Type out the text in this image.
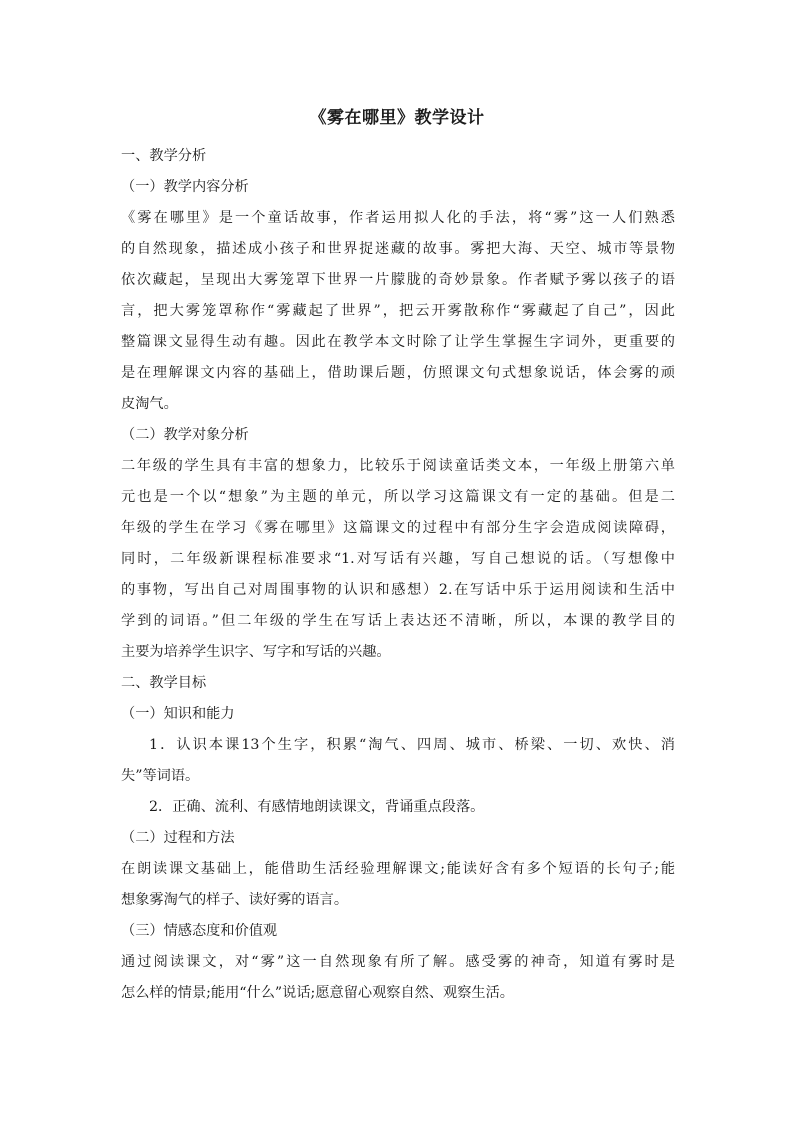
《雾在哪里》教学设计
一、教学分析
（一）教学内容分析
《雾在哪里》是一个童话故事，作者运用拟人化的手法，将“雾”这一人们熟悉
的自然现象，描述成小孩子和世界捉迷藏的故事。雾把大海、天空、城市等景物
依次藏起，呈现出大雾笼罩下世界一片朦胧的奇妙景象。作者赋予雾以孩子的语
言，把大雾笼罩称作“雾藏起了世界”，把云开雾散称作“雾藏起了自己”，因此
整篇课文显得生动有趣。因此在教学本文时除了让学生掌握生字词外，更重要的
是在理解课文内容的基础上，借助课后题，仿照课文句式想象说话，体会雾的顽
皮淘气。
（二）教学对象分析
二年级的学生具有丰富的想象力，比较乐于阅读童话类文本，一年级上册第六单
元也是一个以“想象”为主题的单元，所以学习这篇课文有一定的基础。但是二
年级的学生在学习《雾在哪里》这篇课文的过程中有部分生字会造成阅读障碍，
同时，二年级新课程标准要求“1.对写话有兴趣，写自己想说的话。（写想像中
的事物，写出自己对周围事物的认识和感想）2.在写话中乐于运用阅读和生活中
学到的词语。”但二年级的学生在写话上表达还不清晰，所以，本课的教学目的
主要为培养学生识字、写字和写话的兴趣。
二、教学目标
（一）知识和能力
1．认识本课13个生字，积累“淘气、四周、城市、桥梁、一切、欢快、消
失”等词语。
2．正确、流利、有感情地朗读课文，背诵重点段落。
（二）过程和方法
在朗读课文基础上，能借助生活经验理解课文;能读好含有多个短语的长句子;能
想象雾淘气的样子、读好雾的语言。
（三）情感态度和价值观
通过阅读课文，对“雾”这一自然现象有所了解。感受雾的神奇，知道有雾时是
怎么样的情景;能用“什么”说话;愿意留心观察自然、观察生活。
